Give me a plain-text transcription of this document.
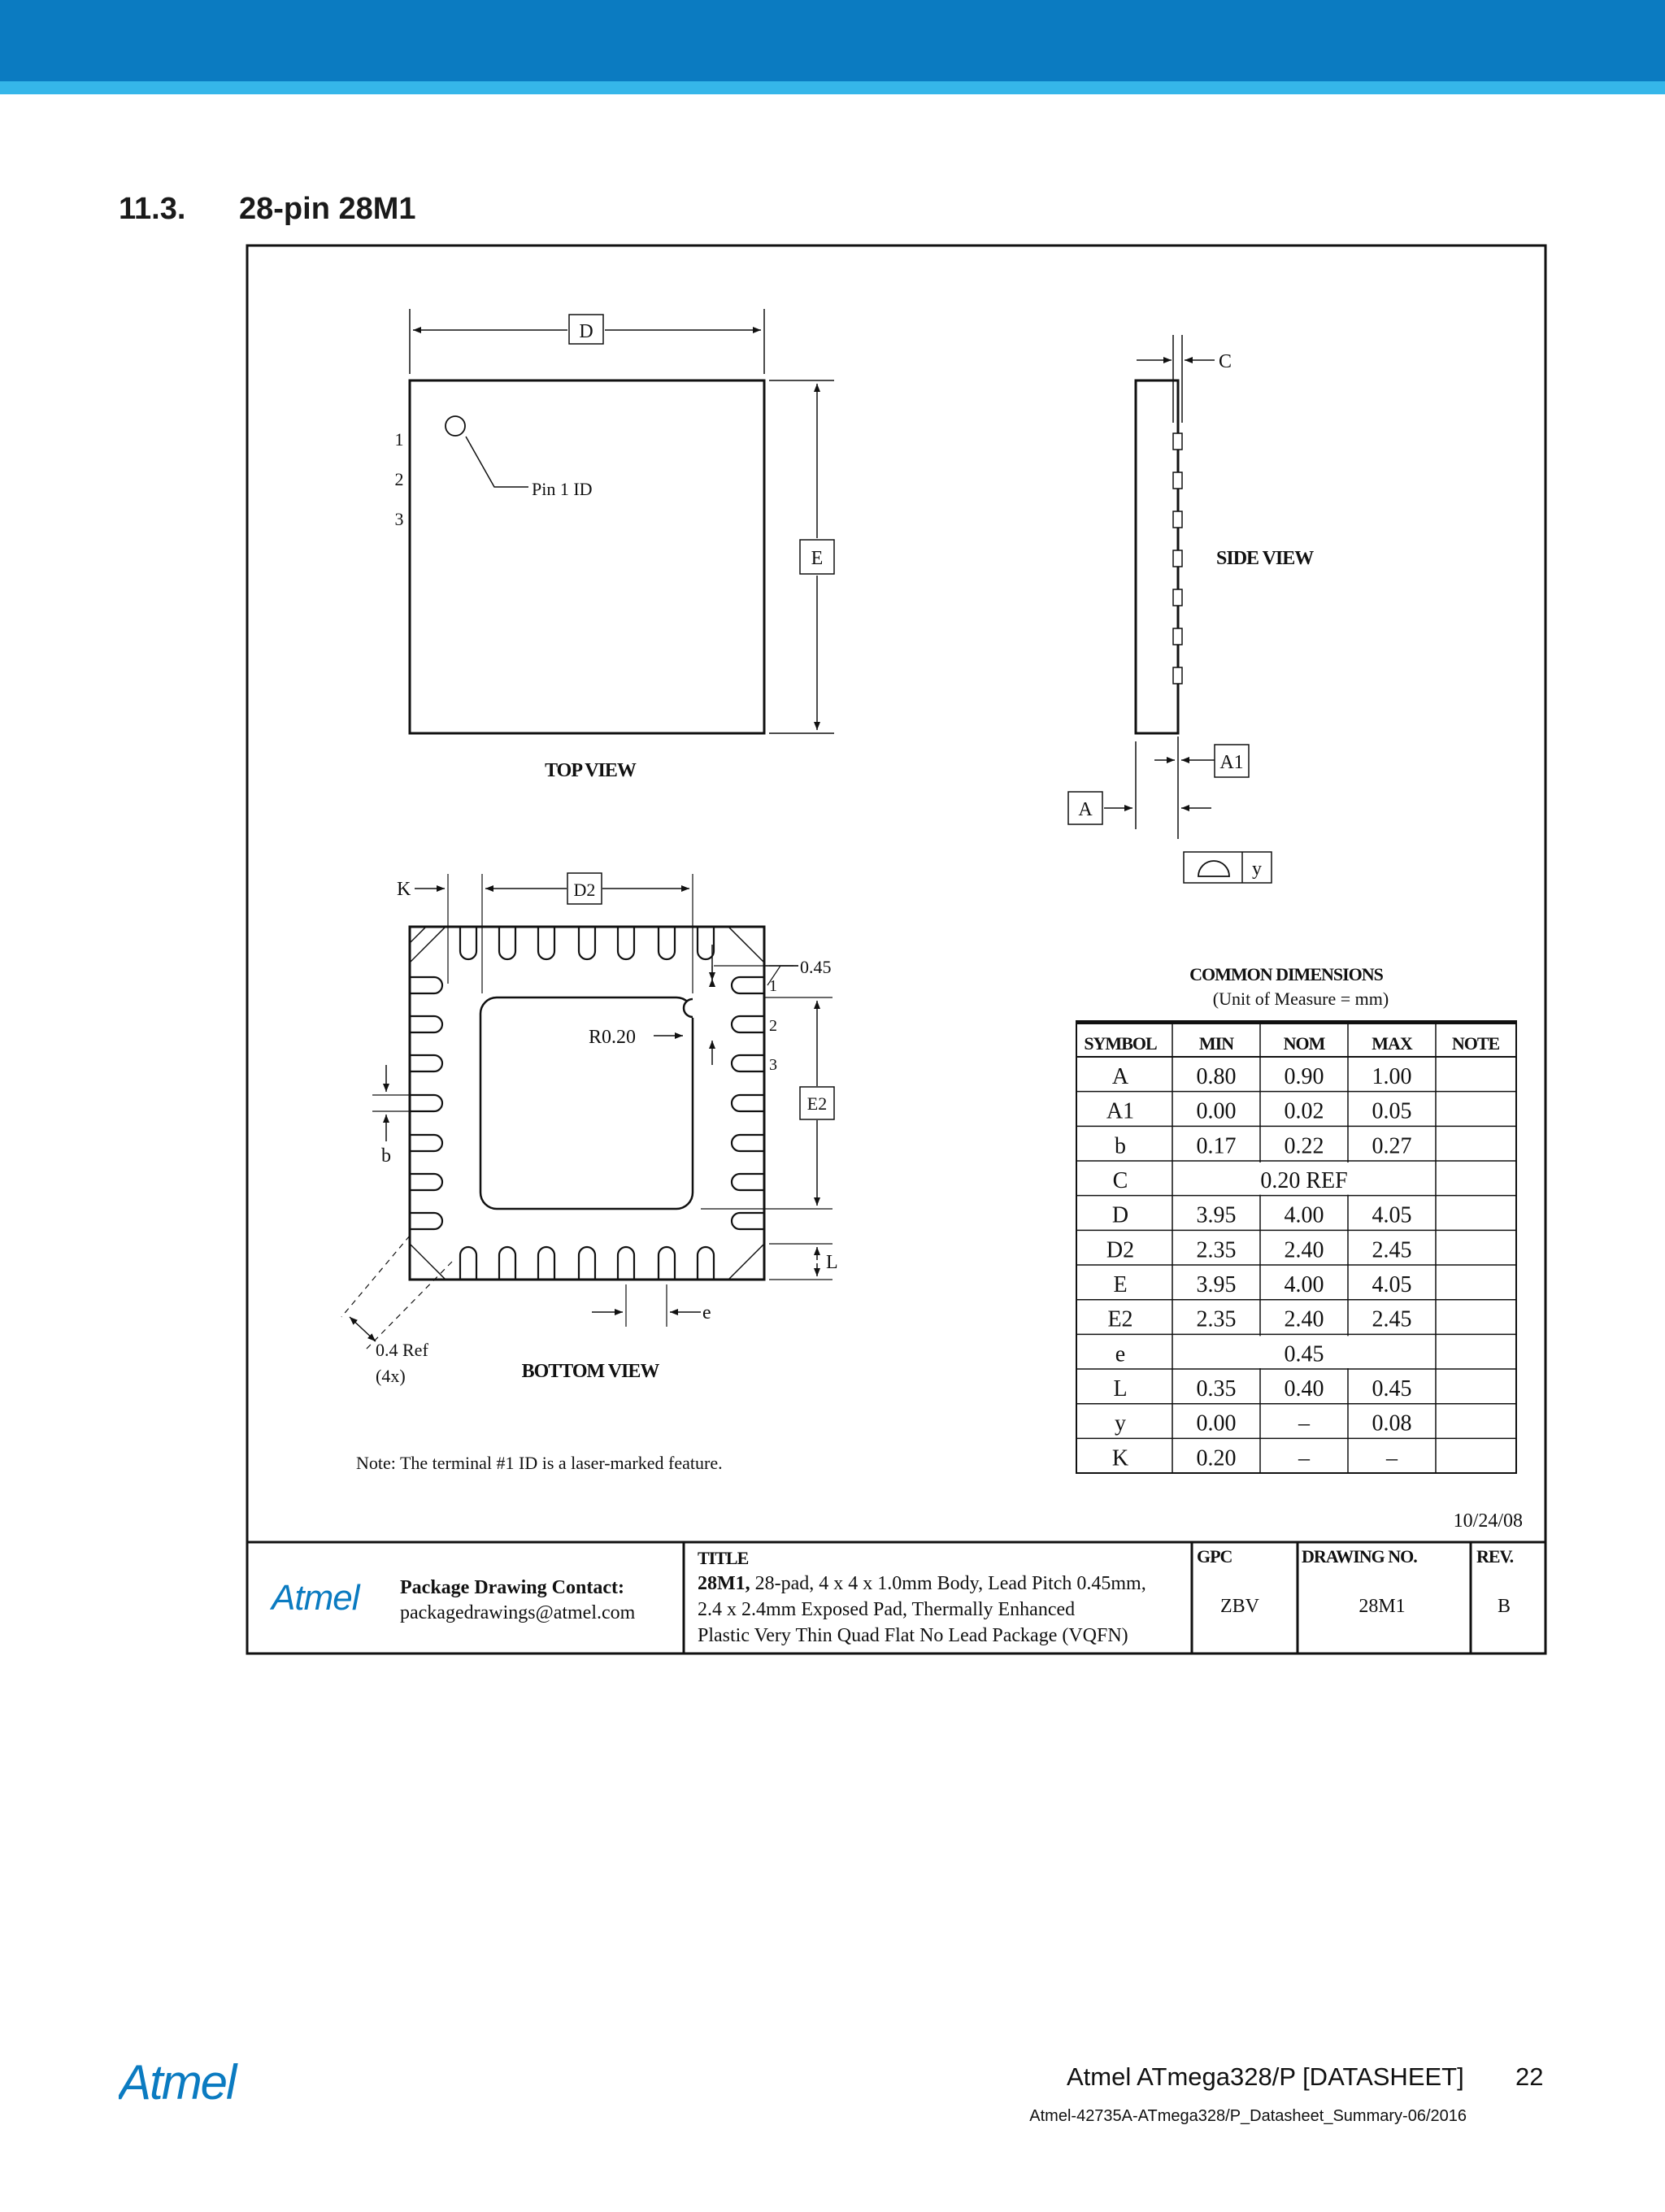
11.3. 28-pin 28M1
D
E
1
2
3
Pin 1 ID
TOP VIEW
C
SIDE VIEW
A1
A
y
K	D2
0.45
1
2
3
R0.20
E2
b
L
e
0.4 Ref
(4x)	BOTTOM VIEW
Note: The terminal #1 ID is a laser-marked feature.
COMMON DIMENSIONS
(Unit of Measure = mm)
SYMBOL MIN	NOM	MAX NOTE
A	0.80 0.90 1.00
A1	0.00 0.02 0.05
b	0.17 0.22 0.27
C	0.20 REF
D	3.95 4.00 4.05
D2	2.35 2.40 2.45
E	3.95 4.00 4.05
E2	2.35 2.40 2.45
e	0.45
L	0.35 0.40 0.45
y	0.00	–	0.08
K	0.20	–	–
10/24/08
Atmel Package Drawing Contact:
packagedrawings@atmel.com
TITLE
28M1, 28-pad, 4 x 4 x 1.0mm Body, Lead Pitch 0.45mm,
2.4 x 2.4mm Exposed Pad, Thermally Enhanced
Plastic Very Thin Quad Flat No Lead Package (VQFN)
GPC
ZBV
DRAWING NO.
28M1
REV.
B
Atmel	Atmel ATmega328/P [DATASHEET] 22
Atmel-42735A-ATmega328/P_Datasheet_Summary-06/2016
